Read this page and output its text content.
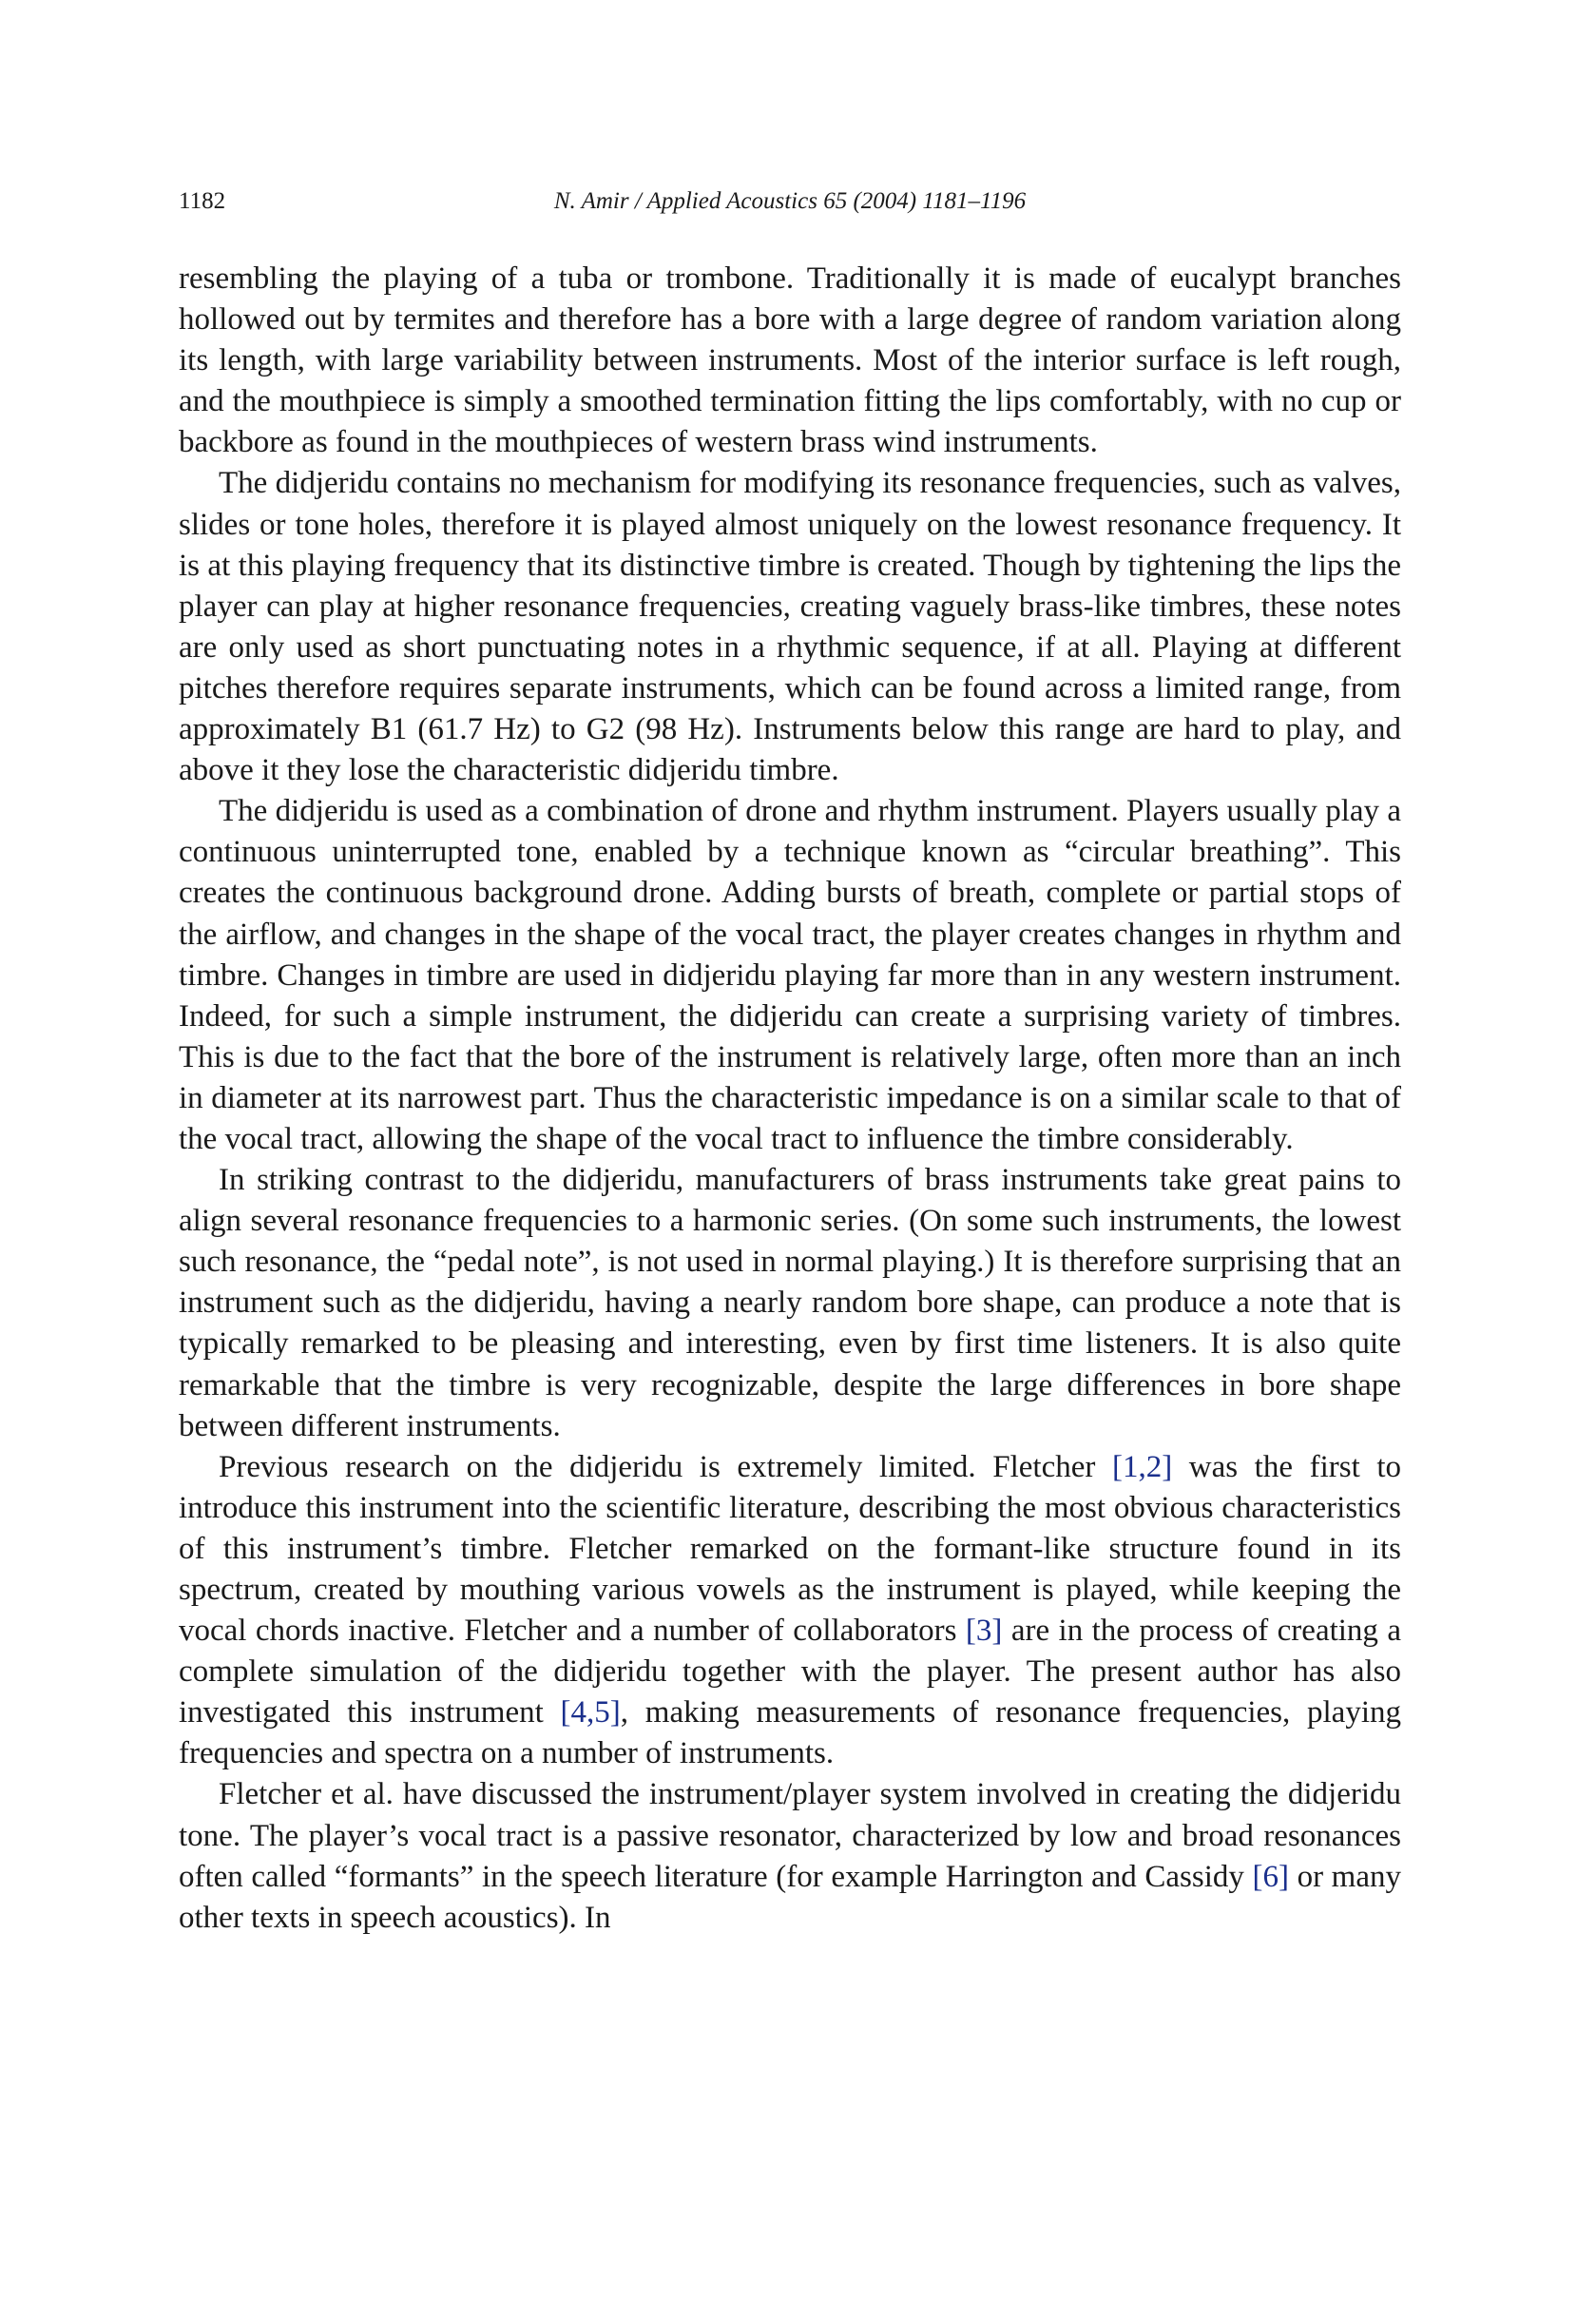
1182	N. Amir / Applied Acoustics 65 (2004) 1181–1196

resembling the playing of a tuba or trombone. Traditionally it is made of eucalypt branches hollowed out by termites and therefore has a bore with a large degree of random variation along its length, with large variability between instruments. Most of the interior surface is left rough, and the mouthpiece is simply a smoothed termination fitting the lips comfortably, with no cup or backbore as found in the mouthpieces of western brass wind instruments.

The didjeridu contains no mechanism for modifying its resonance frequencies, such as valves, slides or tone holes, therefore it is played almost uniquely on the lowest resonance frequency. It is at this playing frequency that its distinctive timbre is created. Though by tightening the lips the player can play at higher resonance frequencies, creating vaguely brass-like timbres, these notes are only used as short punctuating notes in a rhythmic sequence, if at all. Playing at different pitches therefore requires separate instruments, which can be found across a limited range, from approximately B1 (61.7 Hz) to G2 (98 Hz). Instruments below this range are hard to play, and above it they lose the characteristic didjeridu timbre.

The didjeridu is used as a combination of drone and rhythm instrument. Players usually play a continuous uninterrupted tone, enabled by a technique known as “circular breathing”. This creates the continuous background drone. Adding bursts of breath, complete or partial stops of the airflow, and changes in the shape of the vocal tract, the player creates changes in rhythm and timbre. Changes in timbre are used in didjeridu playing far more than in any western instrument. Indeed, for such a simple instrument, the didjeridu can create a surprising variety of timbres. This is due to the fact that the bore of the instrument is relatively large, often more than an inch in diameter at its narrowest part. Thus the characteristic impedance is on a similar scale to that of the vocal tract, allowing the shape of the vocal tract to influence the timbre considerably.

In striking contrast to the didjeridu, manufacturers of brass instruments take great pains to align several resonance frequencies to a harmonic series. (On some such instruments, the lowest such resonance, the “pedal note”, is not used in normal playing.) It is therefore surprising that an instrument such as the didjeridu, having a nearly random bore shape, can produce a note that is typically remarked to be pleasing and interesting, even by first time listeners. It is also quite remarkable that the timbre is very recognizable, despite the large differences in bore shape between different instruments.

Previous research on the didjeridu is extremely limited. Fletcher [1,2] was the first to introduce this instrument into the scientific literature, describing the most obvious characteristics of this instrument’s timbre. Fletcher remarked on the formant-like structure found in its spectrum, created by mouthing various vowels as the instrument is played, while keeping the vocal chords inactive. Fletcher and a number of collaborators [3] are in the process of creating a complete simulation of the didjeridu together with the player. The present author has also investigated this instrument [4,5], making measurements of resonance frequencies, playing frequencies and spectra on a number of instruments.

Fletcher et al. have discussed the instrument/player system involved in creating the didjeridu tone. The player’s vocal tract is a passive resonator, characterized by low and broad resonances often called “formants” in the speech literature (for example Harrington and Cassidy [6] or many other texts in speech acoustics). In
